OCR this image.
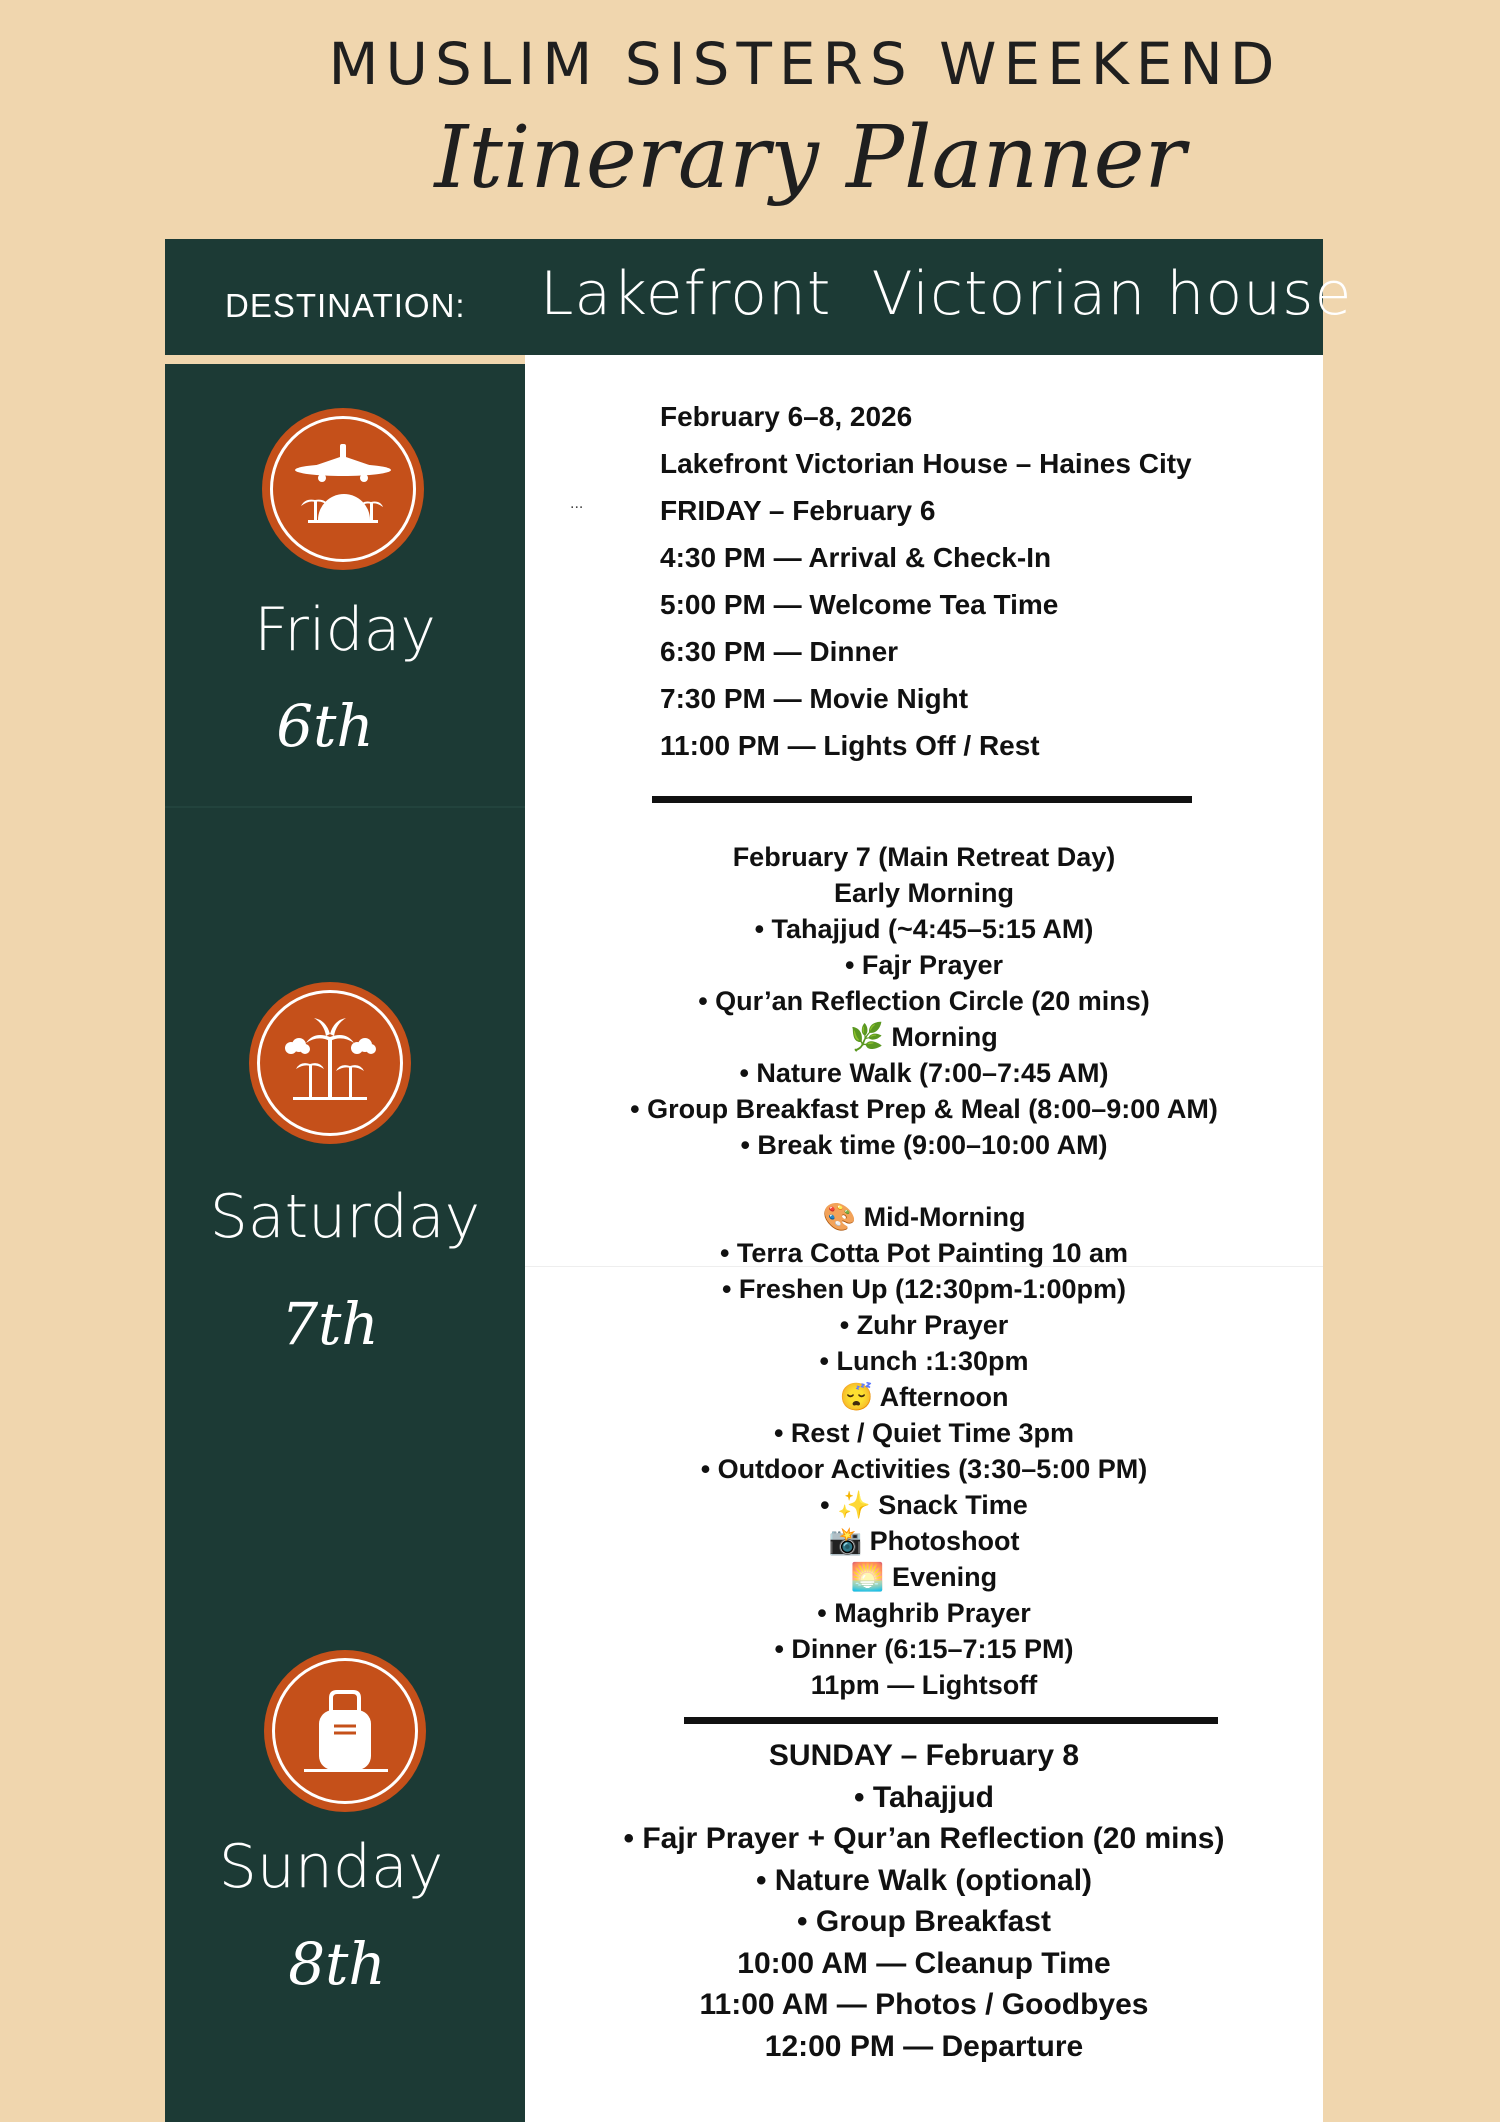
MUSLIM SISTERS WEEKEND
Itinerary Planner
DESTINATION: Lakefront  Victorian house
Friday
6th
Saturday
7th
Sunday
8th
...
February 6–8, 2026
Lakefront Victorian House – Haines City
FRIDAY – February 6
4:30 PM — Arrival & Check-In
5:00 PM — Welcome Tea Time
6:30 PM — Dinner
7:30 PM — Movie Night
11:00 PM — Lights Off / Rest
February 7 (Main Retreat Day)
Early Morning
• Tahajjud (~4:45–5:15 AM)
• Fajr Prayer
• Qur’an Reflection Circle (20 mins)
🌿 Morning
• Nature Walk (7:00–7:45 AM)
• Group Breakfast Prep & Meal (8:00–9:00 AM)
• Break time (9:00–10:00 AM)
🎨 Mid-Morning
• Terra Cotta Pot Painting 10 am
• Freshen Up (12:30pm-1:00pm)
• Zuhr Prayer
• Lunch :1:30pm
😴 Afternoon
• Rest / Quiet Time 3pm
• Outdoor Activities (3:30–5:00 PM)
• ✨ Snack Time
📸 Photoshoot
🌅 Evening
• Maghrib Prayer
• Dinner (6:15–7:15 PM)
11pm — Lightsoff
SUNDAY – February 8
• Tahajjud
• Fajr Prayer + Qur’an Reflection (20 mins)
• Nature Walk (optional)
• Group Breakfast
10:00 AM — Cleanup Time
11:00 AM — Photos / Goodbyes
12:00 PM — Departure
